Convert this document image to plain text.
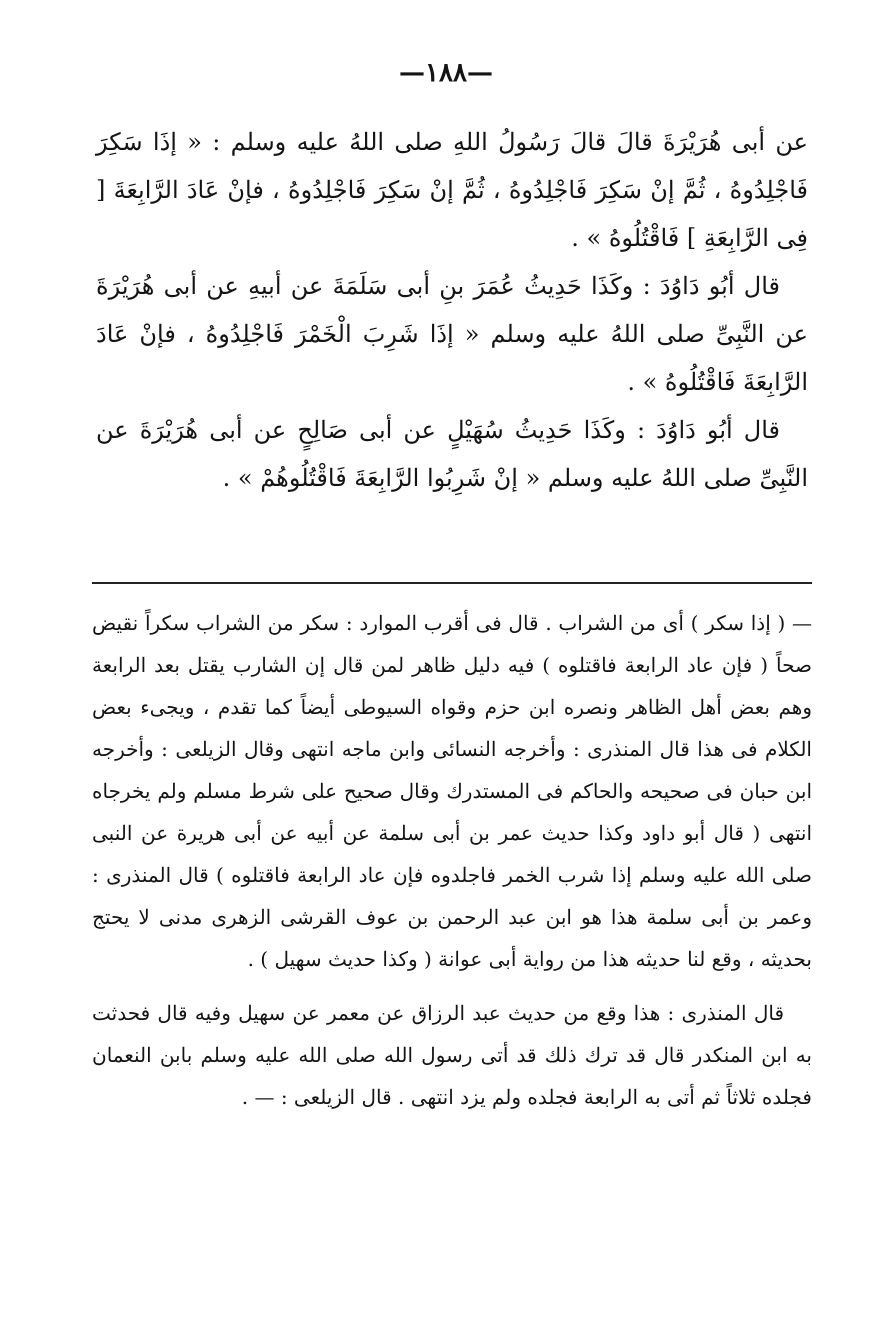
—١٨٨—

عن أبى هُرَيْرَةَ قالَ قالَ رَسُولُ اللهِ صلى اللهُ عليه وسلم : « إذَا سَكِرَ فَاجْلِدُوهُ ، ثُمَّ إنْ سَكِرَ فَاجْلِدُوهُ ، ثُمَّ إنْ سَكِرَ فَاجْلِدُوهُ ، فإنْ عَادَ الرَّابِعَةَ [ فِى الرَّابِعَةِ ] فَاقْتُلُوهُ » .

قال أبُو دَاوُدَ : وكَذَا حَدِيثُ عُمَرَ بنِ أبى سَلَمَةَ عن أبيهِ عن أبى هُرَيْرَةَ عن النَّبِىِّ صلى اللهُ عليه وسلم « إذَا شَرِبَ الْخَمْرَ فَاجْلِدُوهُ ، فإنْ عَادَ الرَّابِعَةَ فَاقْتُلُوهُ » .

قال أبُو دَاوُدَ : وكَذَا حَدِيثُ سُهَيْلٍ عن أبى صَالِحٍ عن أبى هُرَيْرَةَ عن النَّبِىِّ صلى اللهُ عليه وسلم « إنْ شَرِبُوا الرَّابِعَةَ فَاقْتُلُوهُمْ » .

— ( إذا سكر ) أى من الشراب . قال فى أقرب الموارد : سكر من الشراب سكراً نقيض صحاً ( فإن عاد الرابعة فاقتلوه ) فيه دليل ظاهر لمن قال إن الشارب يقتل بعد الرابعة وهم بعض أهل الظاهر ونصره ابن حزم وقواه السيوطى أيضاً كما تقدم ، ويجىء بعض الكلام فى هذا قال المنذرى : وأخرجه النسائى وابن ماجه انتهى وقال الزيلعى : وأخرجه ابن حبان فى صحيحه والحاكم فى المستدرك وقال صحيح على شرط مسلم ولم يخرجاه انتهى ( قال أبو داود وكذا حديث عمر بن أبى سلمة عن أبيه عن أبى هريرة عن النبى صلى الله عليه وسلم إذا شرب الخمر فاجلدوه فإن عاد الرابعة فاقتلوه ) قال المنذرى : وعمر بن أبى سلمة هذا هو ابن عبد الرحمن بن عوف القرشى الزهرى مدنى لا يحتج بحديثه ، وقع لنا حديثه هذا من رواية أبى عوانة ( وكذا حديث سهيل ) .

قال المنذرى : هذا وقع من حديث عبد الرزاق عن معمر عن سهيل وفيه قال فحدثت به ابن المنكدر قال قد ترك ذلك قد أتى رسول الله صلى الله عليه وسلم بابن النعمان فجلده ثلاثاً ثم أتى به الرابعة فجلده ولم يزد انتهى . قال الزيلعى : — .
